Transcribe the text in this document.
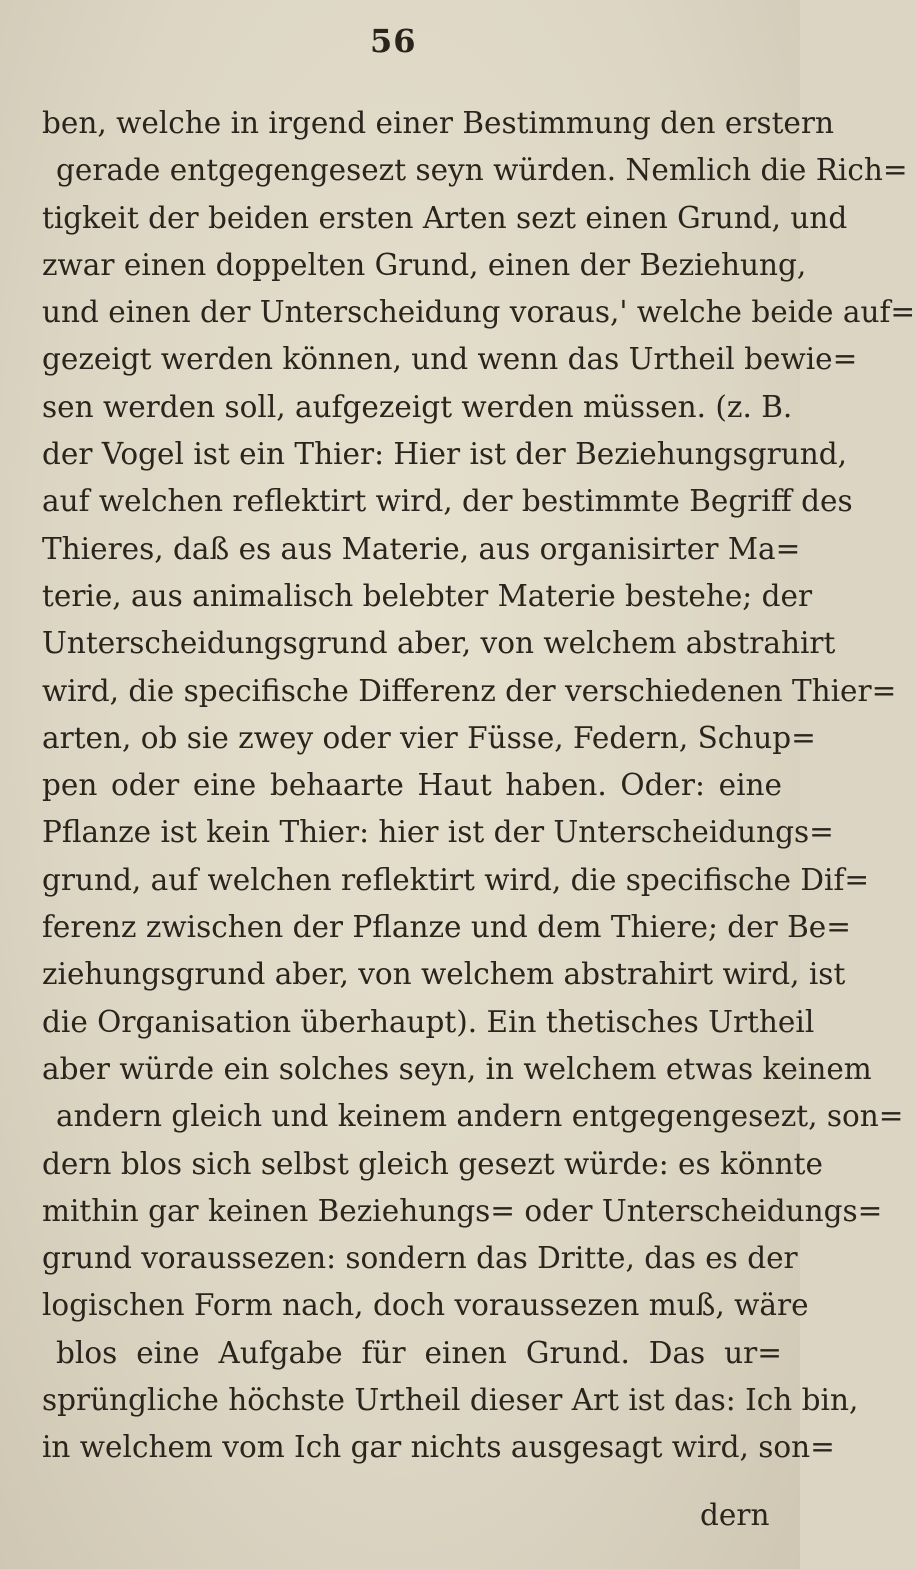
56
ben, welche in irgend einer Bestimmung den erstern
gerade entgegengesezt seyn würden. Nemlich die Rich=
tigkeit der beiden ersten Arten sezt einen Grund, und
zwar einen doppelten Grund, einen der Beziehung,
und einen der Unterscheidung voraus,' welche beide auf=
gezeigt werden können, und wenn das Urtheil bewie=
sen werden soll, aufgezeigt werden müssen. (z. B.
der Vogel ist ein Thier: Hier ist der Beziehungsgrund,
auf welchen reflektirt wird, der bestimmte Begriff des
Thieres, daß es aus Materie, aus organisirter Ma=
terie, aus animalisch belebter Materie bestehe; der
Unterscheidungsgrund aber, von welchem abstrahirt
wird, die specifische Differenz der verschiedenen Thier=
arten, ob sie zwey oder vier Füsse, Federn, Schup=
pen oder eine behaarte Haut haben. Oder: eine
Pflanze ist kein Thier: hier ist der Unterscheidungs=
grund, auf welchen reflektirt wird, die specifische Dif=
ferenz zwischen der Pflanze und dem Thiere; der Be=
ziehungsgrund aber, von welchem abstrahirt wird, ist
die Organisation überhaupt). Ein thetisches Urtheil
aber würde ein solches seyn, in welchem etwas keinem
andern gleich und keinem andern entgegengesezt, son=
dern blos sich selbst gleich gesezt würde: es könnte
mithin gar keinen Beziehungs= oder Unterscheidungs=
grund voraussezen: sondern das Dritte, das es der
logischen Form nach, doch voraussezen muß, wäre
blos eine Aufgabe für einen Grund. Das ur=
sprüngliche höchste Urtheil dieser Art ist das: Ich bin,
in welchem vom Ich gar nichts ausgesagt wird, son=
dern
